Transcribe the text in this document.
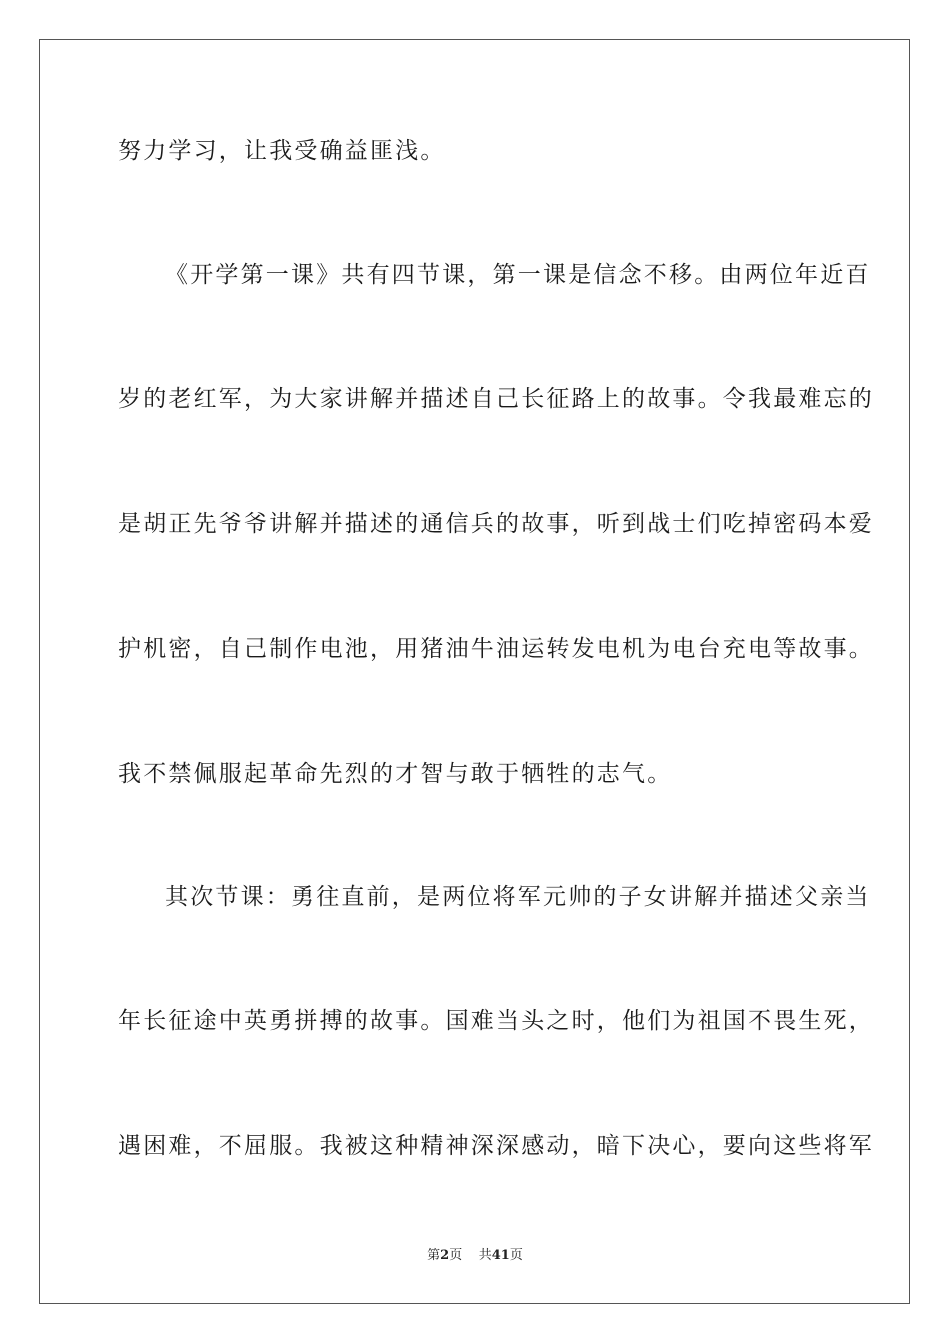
努力学习，让我受确益匪浅。
《开学第一课》共有四节课，第一课是信念不移。由两位年近百
岁的老红军，为大家讲解并描述自己长征路上的故事。令我最难忘的
是胡正先爷爷讲解并描述的通信兵的故事，听到战士们吃掉密码本爱
护机密，自己制作电池，用猪油牛油运转发电机为电台充电等故事。
我不禁佩服起革命先烈的才智与敢于牺牲的志气。
其次节课：勇往直前，是两位将军元帅的子女讲解并描述父亲当
年长征途中英勇拼搏的故事。国难当头之时，他们为祖国不畏生死，
遇困难，不屈服。我被这种精神深深感动，暗下决心，要向这些将军
第2页 共41页
